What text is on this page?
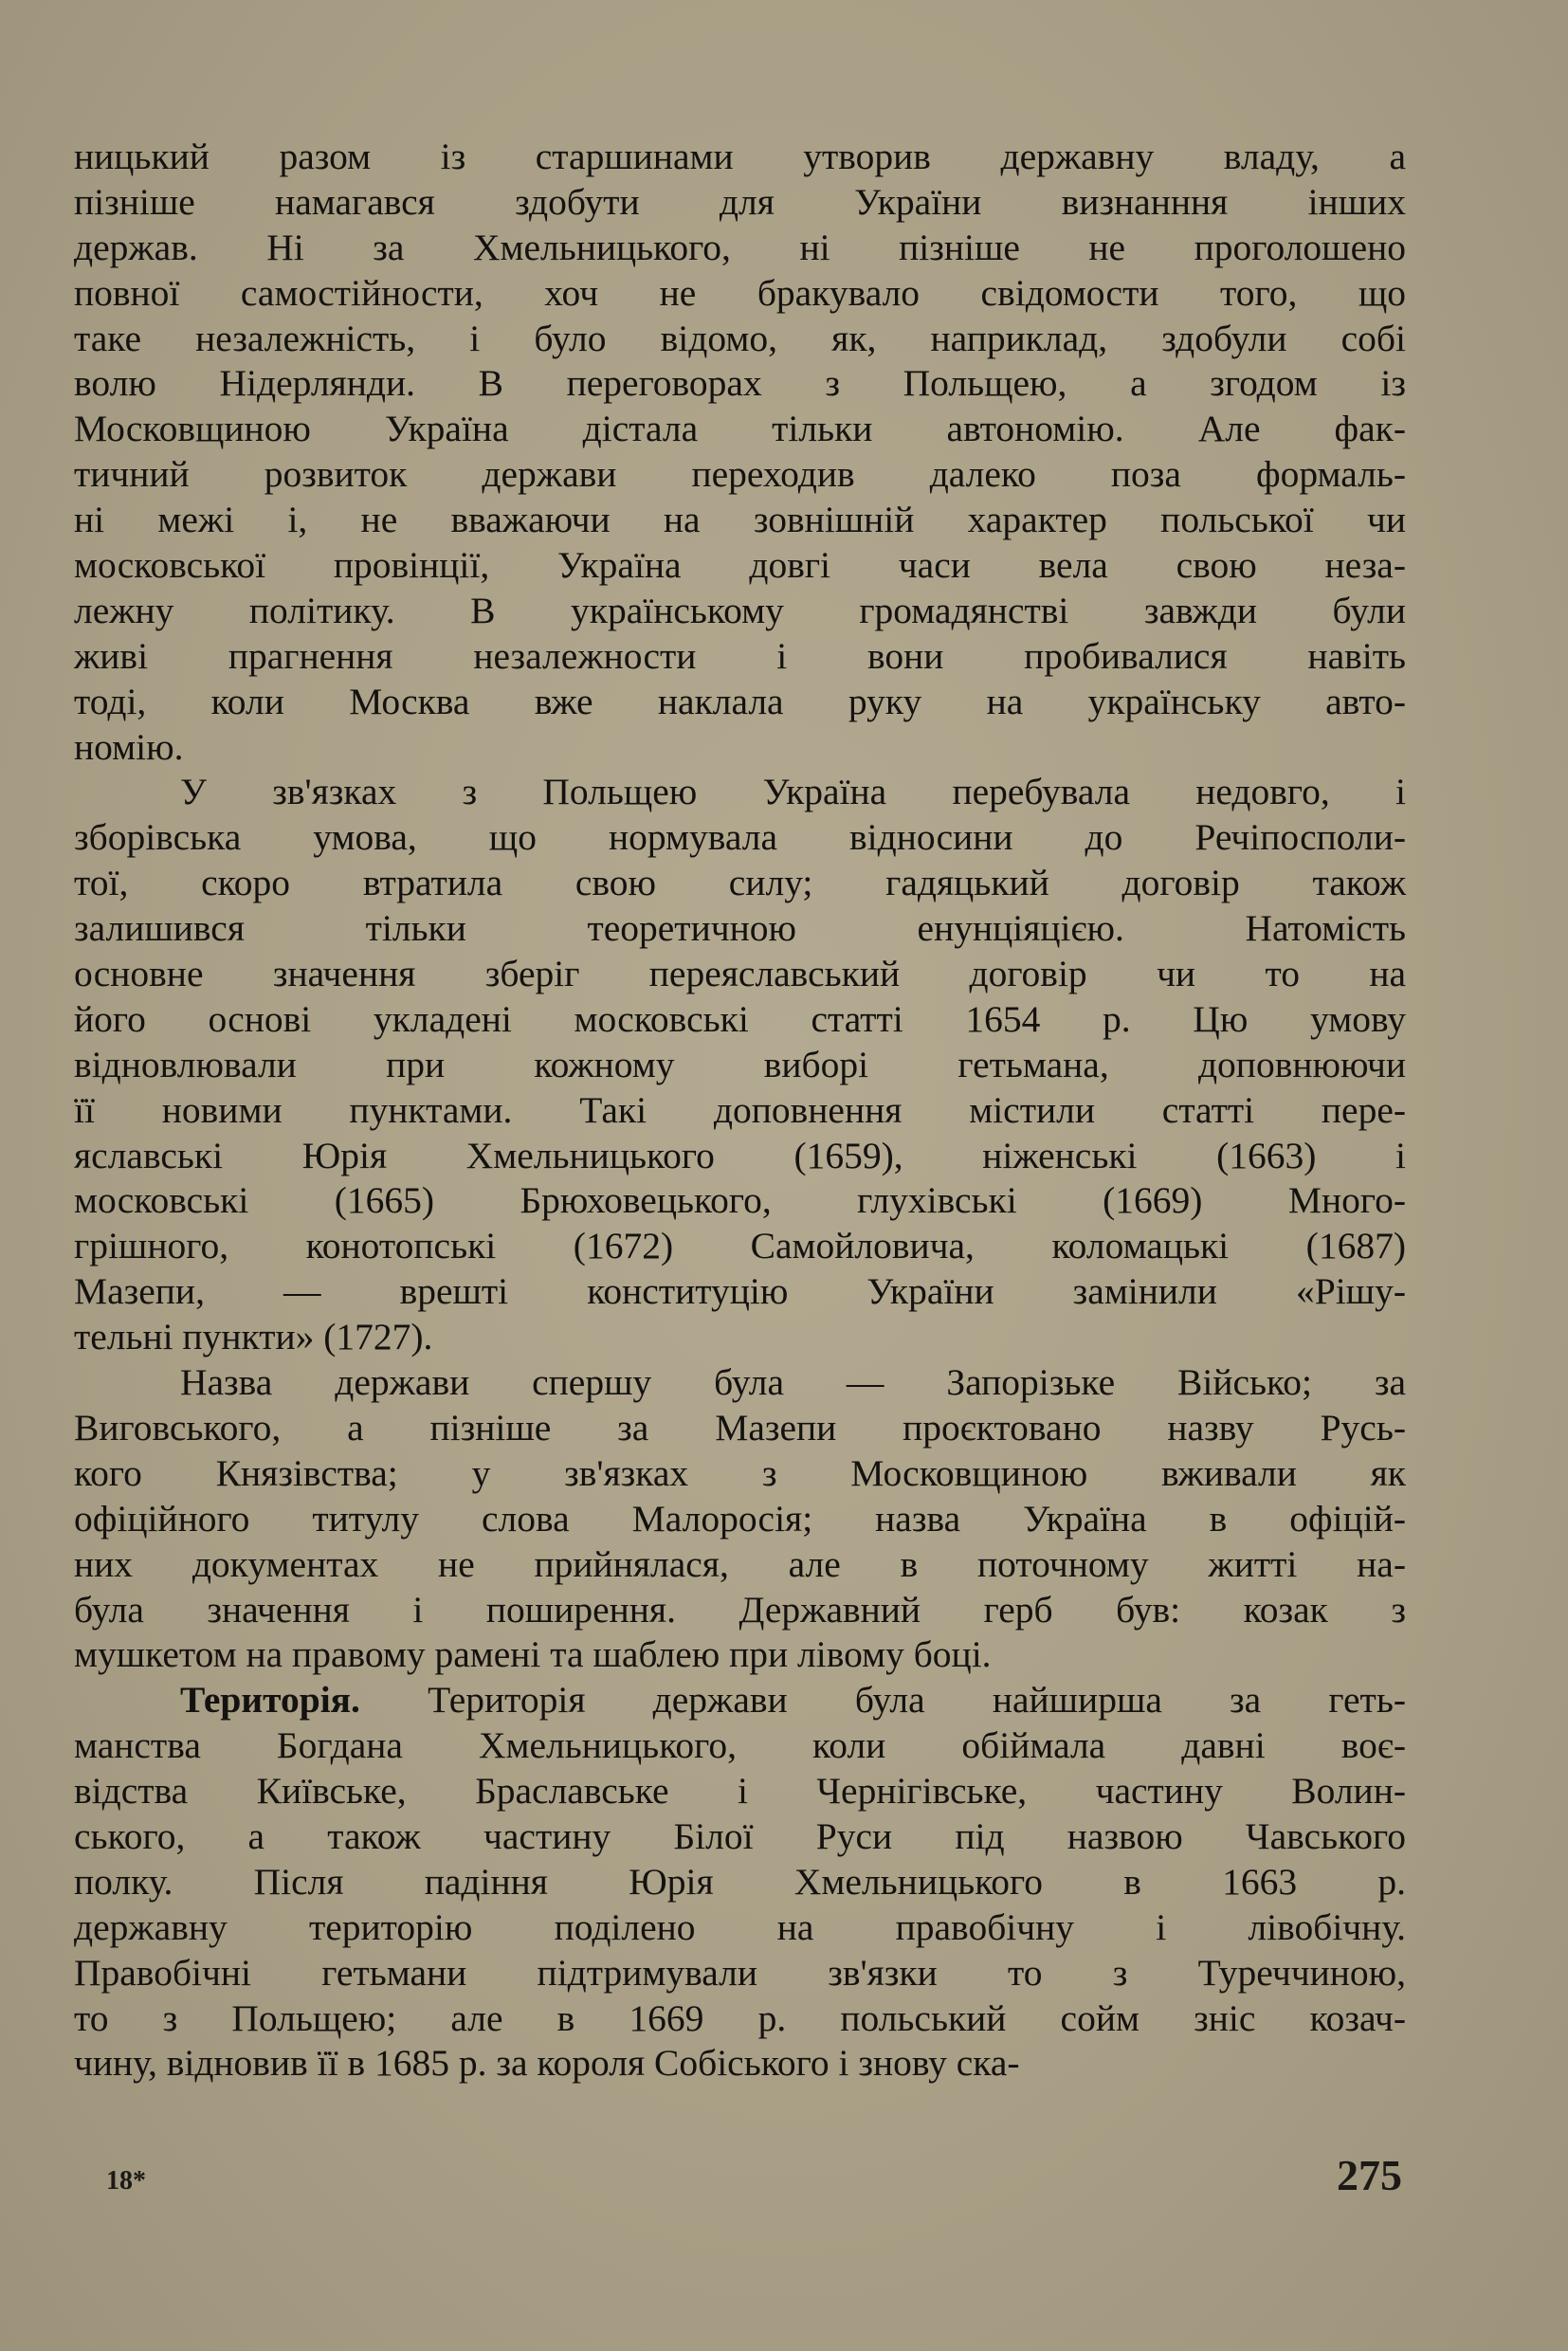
ницький разом із старшинами утворив державну владу, а
пізніше намагався здобути для України визнанння інших
держав. Ні за Хмельницького, ні пізніше не проголошено
повної самостійности, хоч не бракувало свідомости того, що
таке незалежність, і було відомо, як, наприклад, здобули собі
волю Нідерлянди. В переговорах з Польщею, а згодом із
Московщиною Україна дістала тільки автономію. Але фак-
тичний розвиток держави переходив далеко поза формаль-
ні межі і, не вважаючи на зовнішній характер польської чи
московської провінції, Україна довгі часи вела свою неза-
лежну політику. В українському громадянстві завжди були
живі прагнення незалежности і вони пробивалися навіть
тоді, коли Москва вже наклала руку на українську авто-
номію.
У зв'язках з Польщею Україна перебувала недовго, і
зборівська умова, що нормувала відносини до Речіпосполи-
тої, скоро втратила свою силу; гадяцький договір також
залишився тільки теоретичною енунціяцією. Натомість
основне значення зберіг переяславський договір чи то на
його основі укладені московські статті 1654 р. Цю умову
відновлювали при кожному виборі гетьмана, доповнюючи
її новими пунктами. Такі доповнення містили статті пере-
яславські Юрія Хмельницького (1659), ніженські (1663) і
московські (1665) Брюховецького, глухівські (1669) Много-
грішного, конотопські (1672) Самойловича, коломацькі (1687)
Мазепи, — врешті конституцію України замінили «Рішу-
тельні пункти» (1727).
Назва держави спершу була — Запорізьке Військо; за
Виговського, а пізніше за Мазепи проєктовано назву Русь-
кого Князівства; у зв'язках з Московщиною вживали як
офіційного титулу слова Малоросія; назва Україна в офіцій-
них документах не прийнялася, але в поточному житті на-
була значення і поширення. Державний герб був: козак з
мушкетом на правому рамені та шаблею при лівому боці.
Територія. Територія держави була найширша за геть-
манства Богдана Хмельницького, коли обіймала давні воє-
відства Київське, Браславське і Чернігівське, частину Волин-
ського, а також частину Білої Руси під назвою Чавського
полку. Після падіння Юрія Хмельницького в 1663 р.
державну територію поділено на правобічну і лівобічну.
Правобічні гетьмани підтримували зв'язки то з Туреччиною,
то з Польщею; але в 1669 р. польський сойм зніс козач-
чину, відновив її в 1685 р. за короля Собіського і знову ска-
18*	275
